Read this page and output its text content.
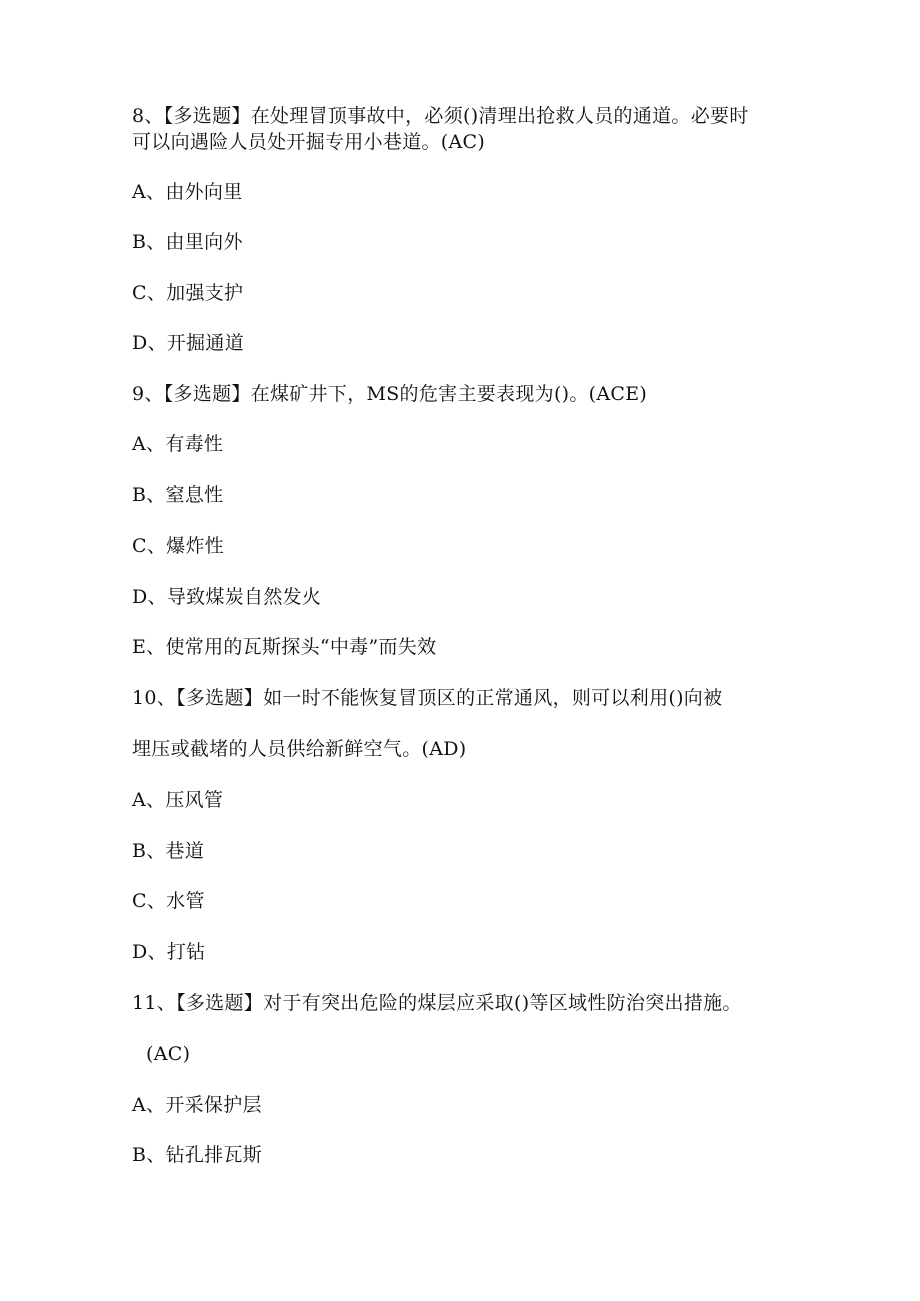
8、【多选题】在处理冒顶事故中，必须()清理出抢救人员的通道。必要时
可以向遇险人员处开掘专用小巷道。(AC)
A、由外向里
B、由里向外
C、加强支护
D、开掘通道
9、【多选题】在煤矿井下，MS的危害主要表现为()。(ACE)
A、有毒性
B、窒息性
C、爆炸性
D、导致煤炭自然发火
E、使常用的瓦斯探头“中毒”而失效
10、【多选题】如一时不能恢复冒顶区的正常通风，则可以利用()向被
埋压或截堵的人员供给新鲜空气。(AD)
A、压风管
B、巷道
C、水管
D、打钻
11、【多选题】对于有突出危险的煤层应采取()等区域性防治突出措施。
(AC)
A、开采保护层
B、钻孔排瓦斯
